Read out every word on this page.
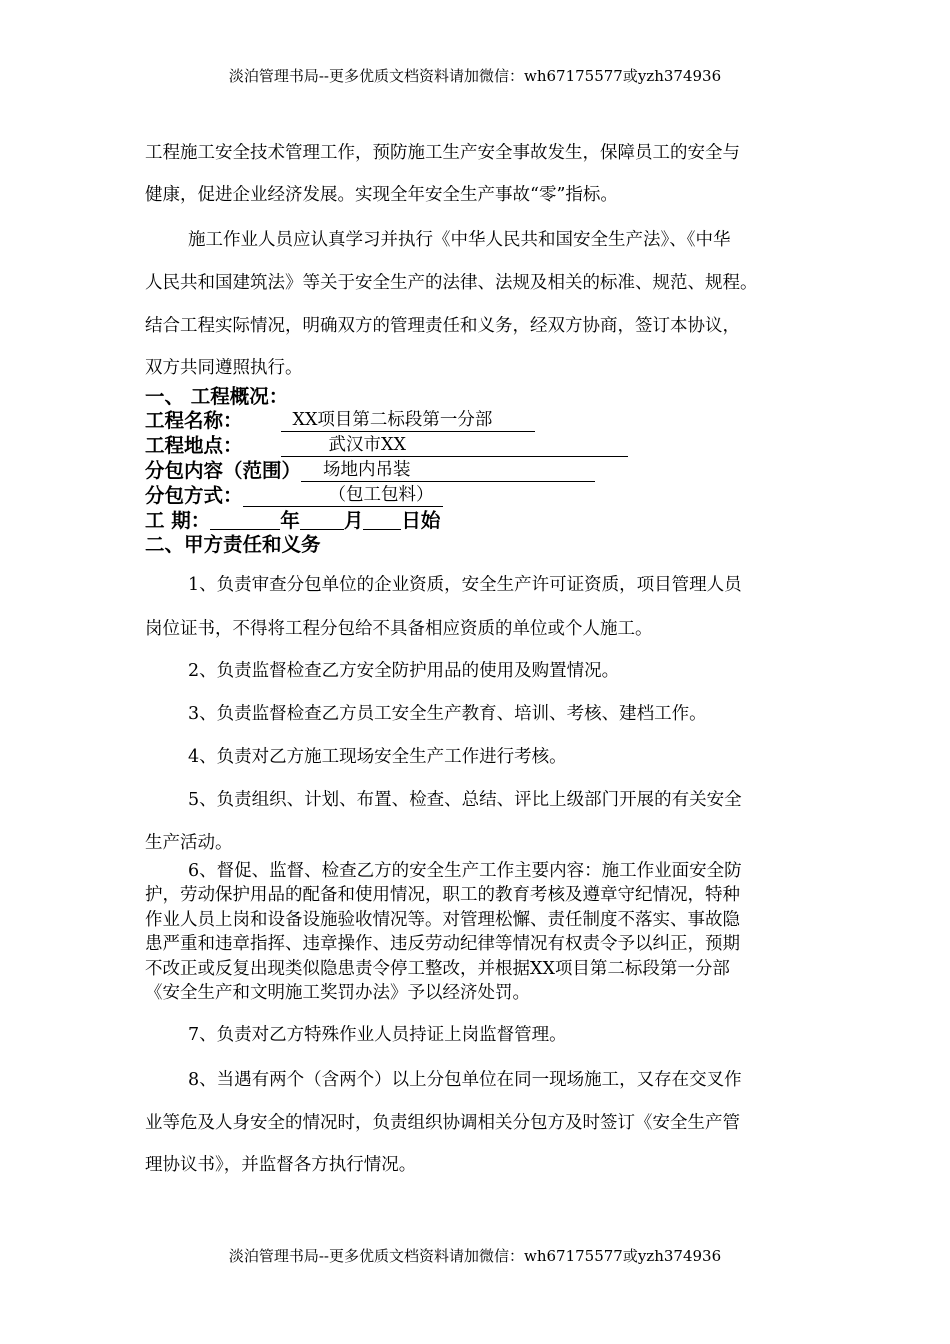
淡泊管理书局--更多优质文档资料请加微信：wh67175577或yzh374936
工程施工安全技术管理工作，预防施工生产安全事故发生，保障员工的安全与
健康，促进企业经济发展。实现全年安全生产事故“零”指标。
施工作业人员应认真学习并执行《中华人民共和国安全生产法》、《中华
人民共和国建筑法》等关于安全生产的法律、法规及相关的标准、规范、规程。
结合工程实际情况，明确双方的管理责任和义务，经双方协商，签订本协议，
双方共同遵照执行。
一、 工程概况：
工程名称：	XX项目第二标段第一分部
工程地点：	武汉市XX
分包内容（范围） 场地内吊装
分包方式：	（包工包料）
工 期：	年 月 日始
二、甲方责任和义务
1、负责审查分包单位的企业资质，安全生产许可证资质，项目管理人员
岗位证书，不得将工程分包给不具备相应资质的单位或个人施工。
2、负责监督检查乙方安全防护用品的使用及购置情况。
3、负责监督检查乙方员工安全生产教育、培训、考核、建档工作。
4、负责对乙方施工现场安全生产工作进行考核。
5、负责组织、计划、布置、检查、总结、评比上级部门开展的有关安全
生产活动。
6、督促、监督、检查乙方的安全生产工作主要内容：施工作业面安全防
护，劳动保护用品的配备和使用情况，职工的教育考核及遵章守纪情况，特种
作业人员上岗和设备设施验收情况等。对管理松懈、责任制度不落实、事故隐
患严重和违章指挥、违章操作、违反劳动纪律等情况有权责令予以纠正，预期
不改正或反复出现类似隐患责令停工整改，并根据XX项目第二标段第一分部
《安全生产和文明施工奖罚办法》予以经济处罚。
7、负责对乙方特殊作业人员持证上岗监督管理。
8、当遇有两个（含两个）以上分包单位在同一现场施工，又存在交叉作
业等危及人身安全的情况时，负责组织协调相关分包方及时签订《安全生产管
理协议书》，并监督各方执行情况。
淡泊管理书局--更多优质文档资料请加微信：wh67175577或yzh374936
